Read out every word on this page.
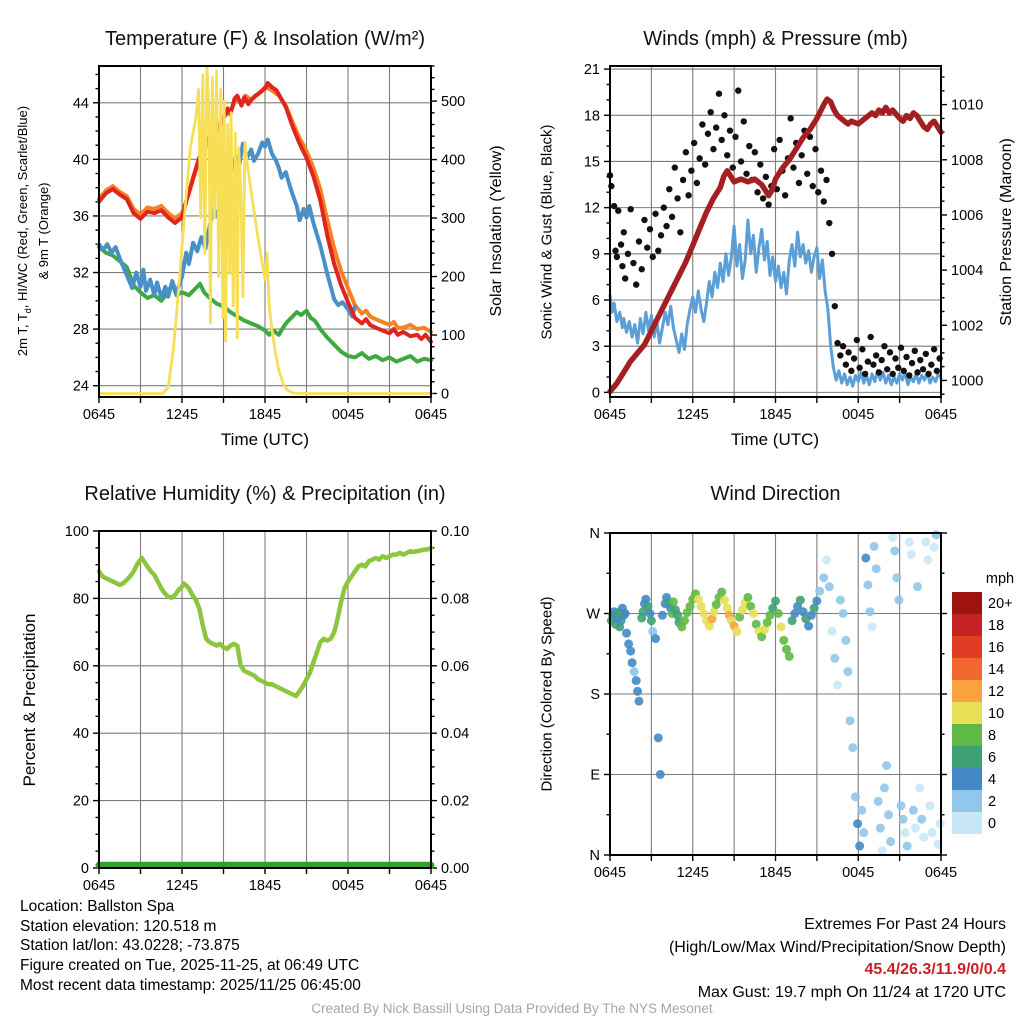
0645	1245	1845	0045	0645
24
28
32
36
40
44
0
100
200
300
400
500
0645	1245	1845	0045	0645
0
3
6
9
12
15
18
21
1000
1002
1004
1006
1008
1010
0645	1245	1845	0045	0645
0
20
40
60
80
100
0.00
0.02
0.04
0.06
0.08
0.10
0645	1245	1845	0045	0645
N
E
S
W
N
mph
20+
18
16
14
12
10
8
6
4
2
0
Temperature (F) & Insolation (W/m²)	Winds (mph) & Pressure (mb)
Relative Humidity (%) & Precipitation (in)	Wind Direction
2m T, $T_d$, HI/WC (Red, Green, Scarlet/Blue) & 9m T (Orange)	Solar Insolation (Yellow) Sonic Wind & Gust (Blue, Black)	Station Pressure (Maroon)
Percent & Precipitation	Direction (Colored By Speed)
Time (UTC)	Time (UTC)
Location: Ballston Spa
Station elevation: 120.518 m
Station lat/lon: 43.0228; -73.875
Figure created on Tue, 2025-11-25, at 06:49 UTC
Most recent data timestamp: 2025/11/25 06:45:00
Extremes For Past 24 Hours
(High/Low/Max Wind/Precipitation/Snow Depth)
45.4/26.3/11.9/0/0.4
Max Gust: 19.7 mph On 11/24 at 1720 UTC
Created By Nick Bassill Using Data Provided By The NYS Mesonet
